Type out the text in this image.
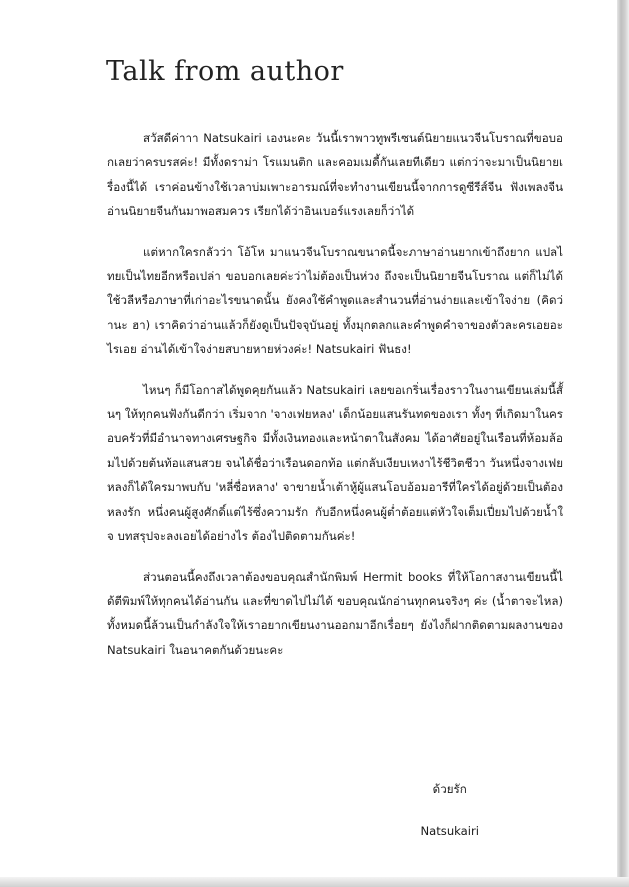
Talk from author

สวัสดีค่าาา Natsukairi เองนะคะ วันนี้เราพาวทูพรีเซนต์นิยายแนวจีนโบราณที่ขอบอกเลยว่าครบรสค่ะ! มีทั้งดราม่า โรแมนติก และคอมเมดี้กันเลยทีเดียว แต่กว่าจะมาเป็นนิยายเรื่องนี้ได้ เราค่อนข้างใช้เวลาบ่มเพาะอารมณ์ที่จะทำงานเขียนนี้จากการดูซีรีส์จีน ฟังเพลงจีน อ่านนิยายจีนกันมาพอสมควร เรียกได้ว่าอินเบอร์แรงเลยก็ว่าได้

แต่หากใครกลัวว่า โอ้โห มาแนวจีนโบราณขนาดนี้จะภาษาอ่านยากเข้าถึงยาก แปลไทยเป็นไทยอีกหรือเปล่า ขอบอกเลยค่ะว่าไม่ต้องเป็นห่วง ถึงจะเป็นนิยายจีนโบราณ แต่ก็ไม่ได้ใช้วลีหรือภาษาที่เก่าอะไรขนาดนั้น ยังคงใช้คำพูดและสำนวนที่อ่านง่ายและเข้าใจง่าย (คิดว่านะ ฮา) เราคิดว่าอ่านแล้วก็ยังดูเป็นปัจจุบันอยู่ ทั้งมุกตลกและคำพูดคำจาของตัวละครเอยอะไรเอย อ่านได้เข้าใจง่ายสบายหายห่วงค่ะ! Natsukairi ฟันธง!

ไหนๆ ก็มีโอกาสได้พูดคุยกันแล้ว Natsukairi เลยขอเกริ่นเรื่องราวในงานเขียนเล่มนี้สั้นๆ ให้ทุกคนฟังกันดีกว่า เริ่มจาก 'จางเฟยหลง' เด็กน้อยแสนรันทดของเรา ทั้งๆ ที่เกิดมาในครอบครัวที่มีอำนาจทางเศรษฐกิจ มีทั้งเงินทองและหน้าตาในสังคม ได้อาศัยอยู่ในเรือนที่ห้อมล้อมไปด้วยต้นท้อแสนสวย จนได้ชื่อว่าเรือนดอกท้อ แต่กลับเงียบเหงาไร้ชีวิตชีวา วันหนึ่งจางเฟยหลงก็ได้ใครมาพบกับ 'หลี่ซื่อหลาง' จาขายน้ำเต้าหู้ผู้แสนโอบอ้อมอารีที่ใครได้อยู่ด้วยเป็นต้องหลงรัก หนึ่งคนผู้สูงศักดิ์แต่ไร้ซึ่งความรัก กับอีกหนึ่งคนผู้ต่ำต้อยแต่หัวใจเต็มเปี่ยมไปด้วยน้ำใจ บทสรุปจะลงเอยได้อย่างไร ต้องไปติดตามกันค่ะ!

ส่วนตอนนี้คงถึงเวลาต้องขอบคุณสำนักพิมพ์ Hermit books ที่ให้โอกาสงานเขียนนี้ได้ตีพิมพ์ให้ทุกคนได้อ่านกัน และที่ขาดไปไม่ได้ ขอบคุณนักอ่านทุกคนจริงๆ ค่ะ (น้ำตาจะไหล) ทั้งหมดนี้ล้วนเป็นกำลังใจให้เราอยากเขียนงานออกมาอีกเรื่อยๆ ยังไงก็ฝากติดตามผลงานของ Natsukairi ในอนาคตกันด้วยนะคะ

ด้วยรัก
Natsukairi
